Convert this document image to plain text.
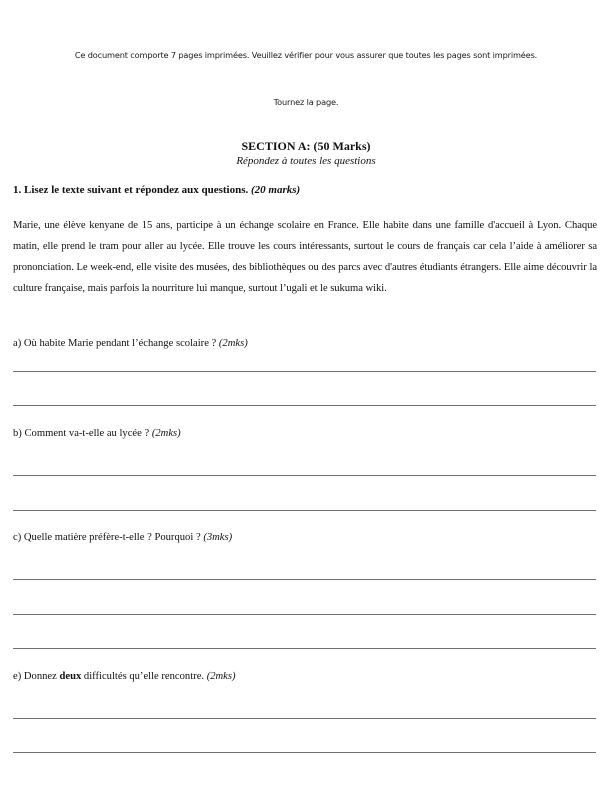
Ce document comporte 7 pages imprimées. Veuillez vérifier pour vous assurer que toutes les pages sont imprimées.
Tournez la page.
SECTION A: (50 Marks)
Répondez à toutes les questions
1. Lisez le texte suivant et répondez aux questions. (20 marks)
Marie, une élève kenyane de 15 ans, participe à un échange scolaire en France. Elle habite dans une famille d'accueil à Lyon. Chaque matin, elle prend le tram pour aller au lycée. Elle trouve les cours intéressants, surtout le cours de français car cela l’aide à améliorer sa prononciation. Le week-end, elle visite des musées, des bibliothèques ou des parcs avec d'autres étudiants étrangers. Elle aime découvrir la culture française, mais parfois la nourriture lui manque, surtout l’ugali et le sukuma wiki.
a) Où habite Marie pendant l’échange scolaire ? (2mks)
b) Comment va-t-elle au lycée ? (2mks)
c) Quelle matière préfère-t-elle ? Pourquoi ? (3mks)
e) Donnez deux difficultés qu’elle rencontre. (2mks)
